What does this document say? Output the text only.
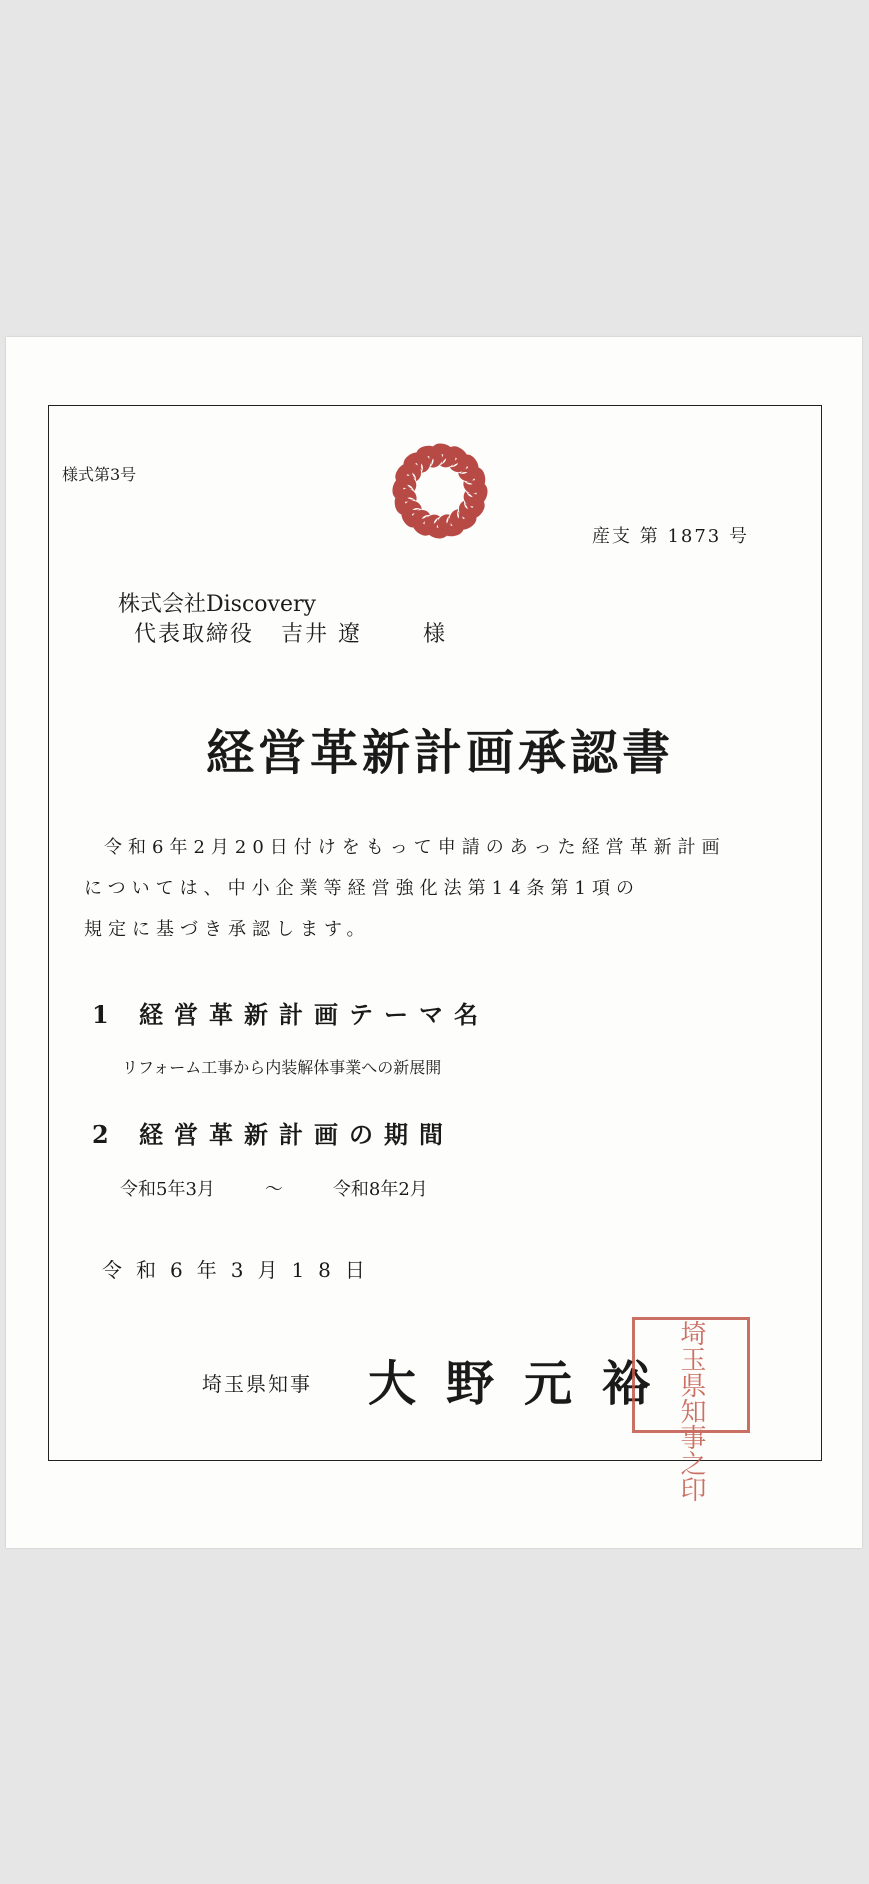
様式第3号
産支 第 1873 号
株式会社Discovery
代表取締役 吉井 遼	様
経営革新計画承認書

令和6年2月20日付けをもって申請のあった経営革新計画

については、中小企業等経営強化法第14条第1項の

規定に基づき承認します。

1 経営革新計画テーマ名
リフォーム工事から内装解体事業への新展開
2 経営革新計画の期間
令和5年3月	〜	令和8年2月
令和6年3月18日
埼玉県知事 大野元裕
埼玉県知事之印
